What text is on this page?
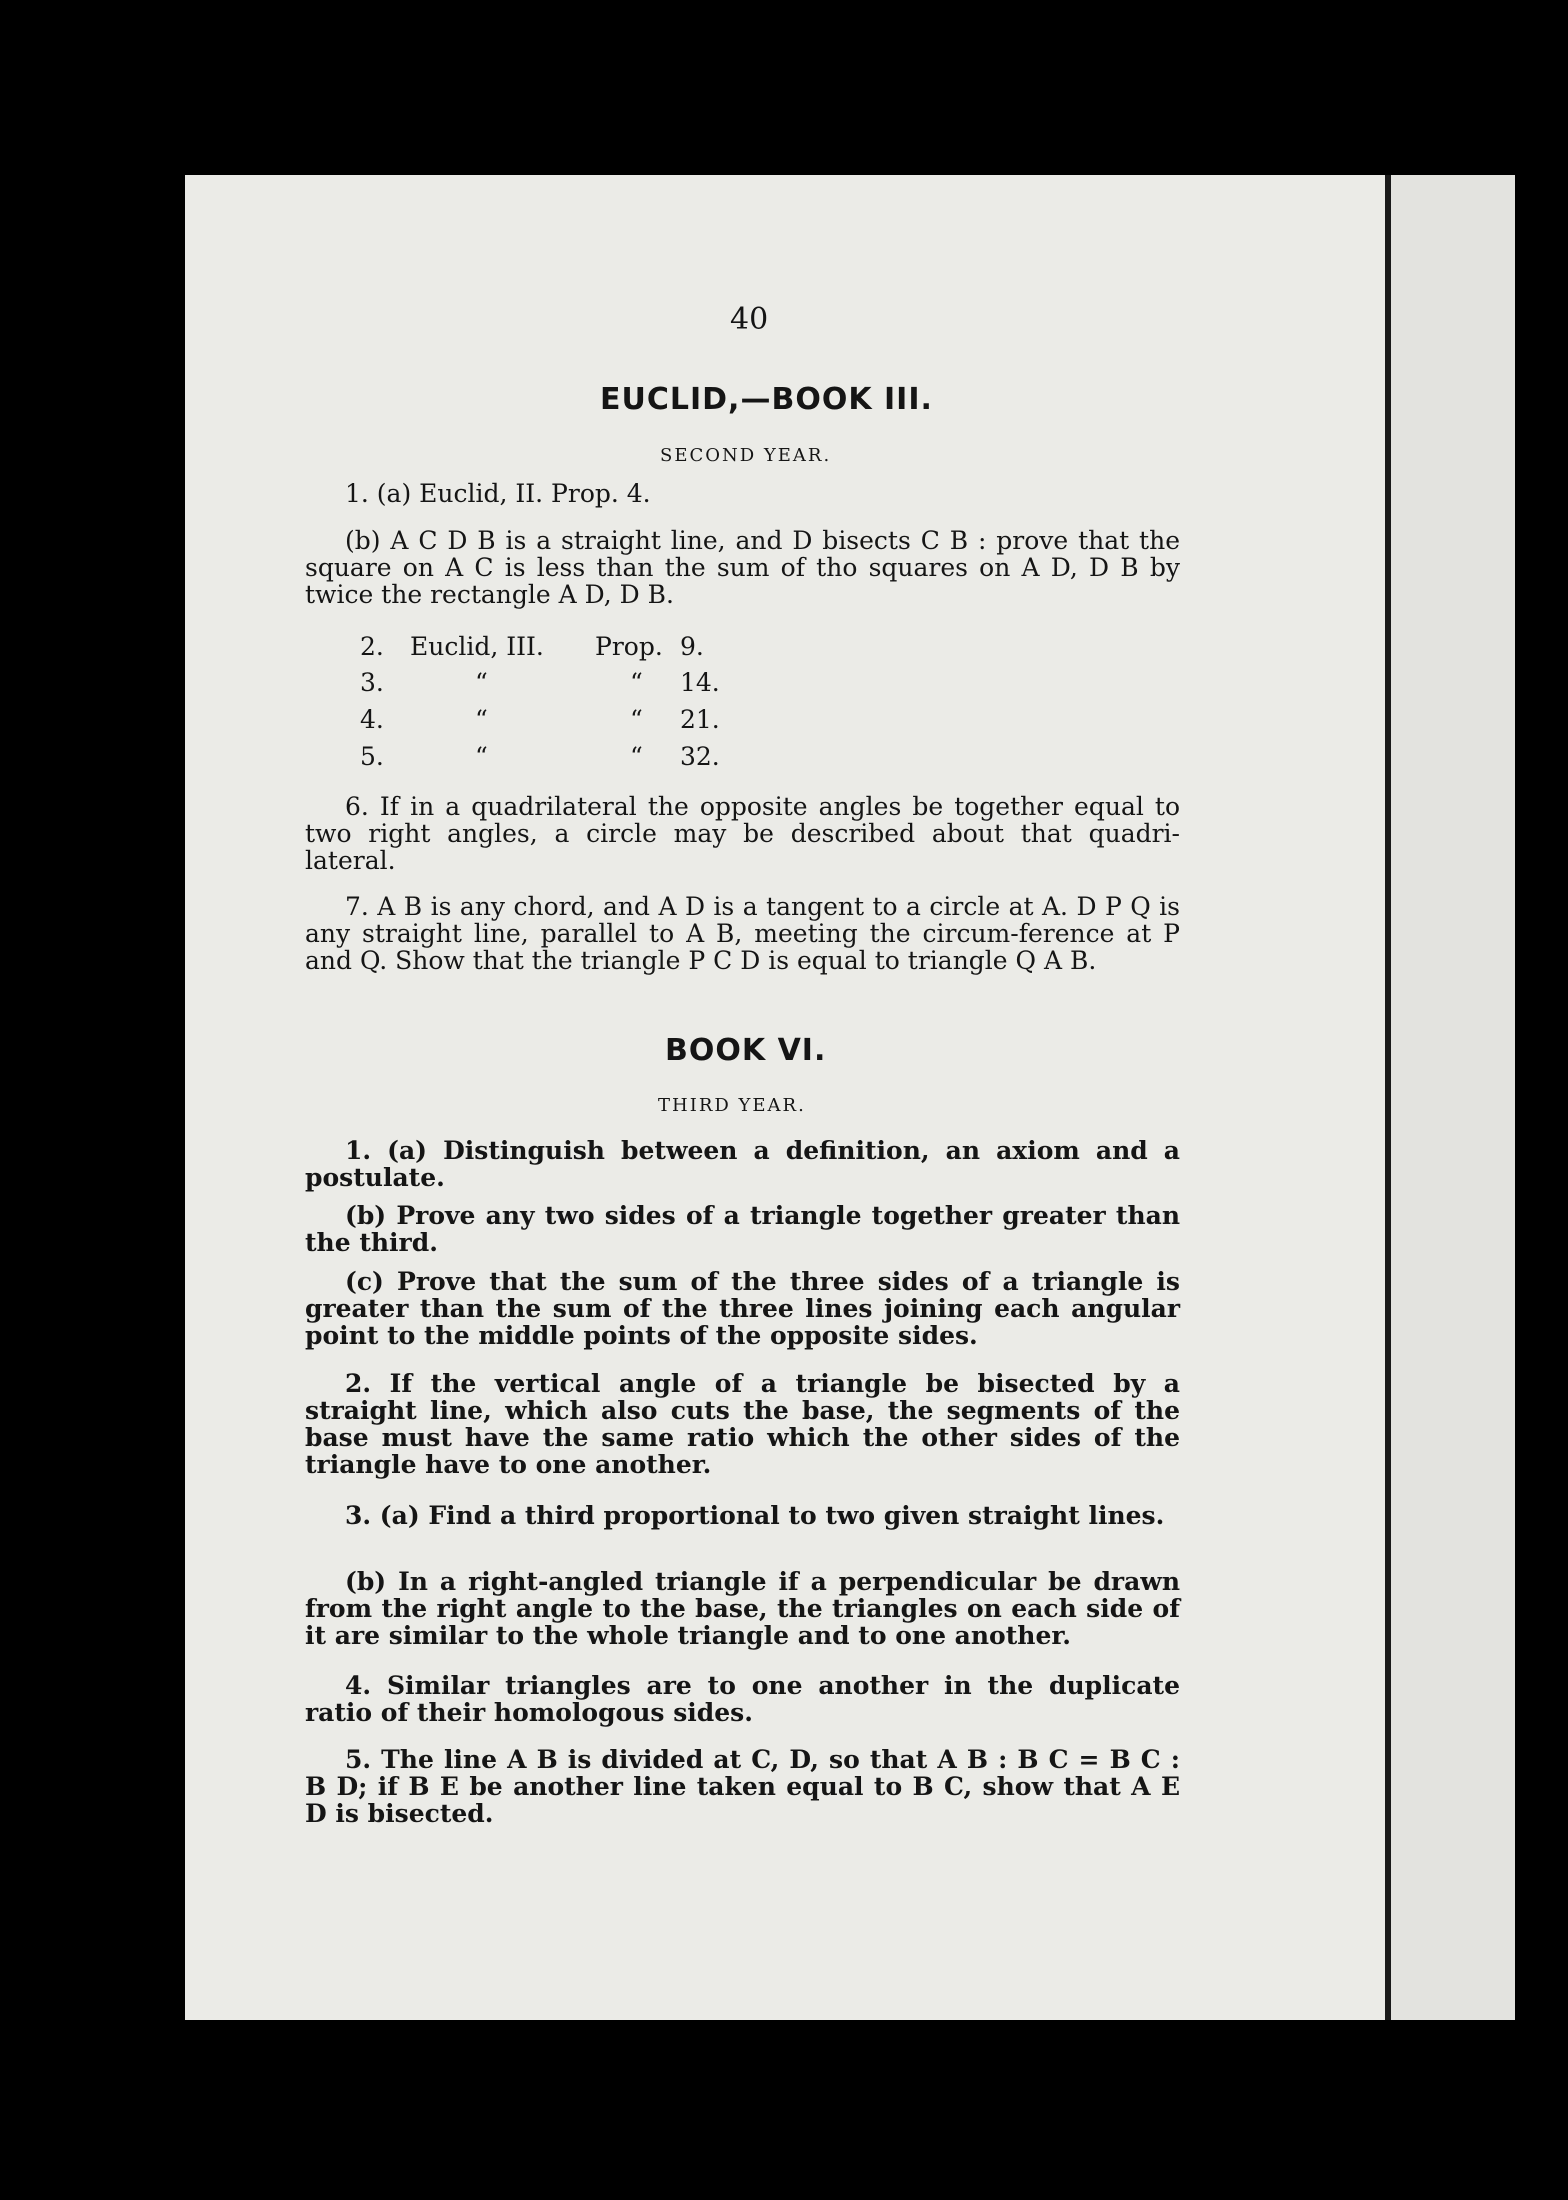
40
EUCLID,—BOOK III.
SECOND YEAR.

1. (a) Euclid, II. Prop. 4.

(b) A C D B is a straight line, and D bisects C B : prove that the square on A C is less than the sum of tho squares on A D, D B by twice the rectangle A D, D B.

2. Euclid, III. Prop. 9.
3.	“	“ 14.
4.	“	“ 21.
5.	“	“ 32.

6. If in a quadrilateral the opposite angles be together equal to two right angles, a circle may be described about that quadri-lateral.

7. A B is any chord, and A D is a tangent to a circle at A. D P Q is any straight line, parallel to A B, meeting the circum-ference at P and Q. Show that the triangle P C D is equal to triangle Q A B.

BOOK VI.
THIRD YEAR.

1. (a) Distinguish between a definition, an axiom and a postulate.

(b) Prove any two sides of a triangle together greater than the third.

(c) Prove that the sum of the three sides of a triangle is greater than the sum of the three lines joining each angular point to the middle points of the opposite sides.

2. If the vertical angle of a triangle be bisected by a straight line, which also cuts the base, the segments of the base must have the same ratio which the other sides of the triangle have to one another.

3. (a) Find a third proportional to two given straight lines.

(b) In a right-angled triangle if a perpendicular be drawn from the right angle to the base, the triangles on each side of it are similar to the whole triangle and to one another.

4. Similar triangles are to one another in the duplicate ratio of their homologous sides.

5. The line A B is divided at C, D, so that A B : B C = B C : B D; if B E be another line taken equal to B C, show that A E D is bisected.
